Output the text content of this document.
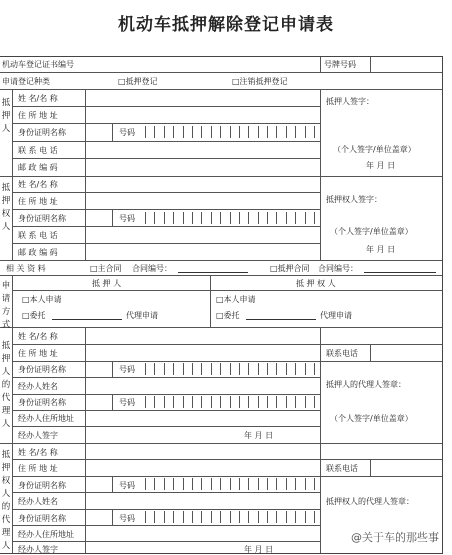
机动车抵押解除登记申请表
机动车登记证书编号	号牌号码
申请登记种类	□抵押登记	□注销抵押登记
抵
押
人
姓 名/名 称
住 所 地 址
身份证明名称	号码
联 系 电 话
邮 政 编 码
抵押人签字：
（个人签字/单位盖章）
年 月 日
抵
押
权
人
姓 名/名 称
住 所 地 址
身份证明名称	号码
联 系 电 话
邮 政 编 码
抵押权人签字：
（个人签字/单位盖章）
年 月 日
相 关 资 料	□主合同 合同编号：	□抵押合同 合同编号：
申
请
方
式
抵 押 人	抵 押 权 人
□本人申请
□委托	代理申请
□本人申请
□委托	代理申请
抵
押
人
的
代
理
人
姓 名/名 称
住 所 地 址	联系电话
身份证明名称	号码
经办人姓名
身份证明名称	号码
经办人住所地址
经办人签字	年 月 日
抵押人的代理人签章：
（个人签字/单位盖章）
抵
押
权
人
的
代
理
人
姓 名/名 称
住 所 地 址	联系电话
身份证明名称	号码
经办人姓名
身份证明名称	号码
经办人住所地址
经办人签字	年 月 日
抵押权人的代理人签章：
@关于车的那些事
